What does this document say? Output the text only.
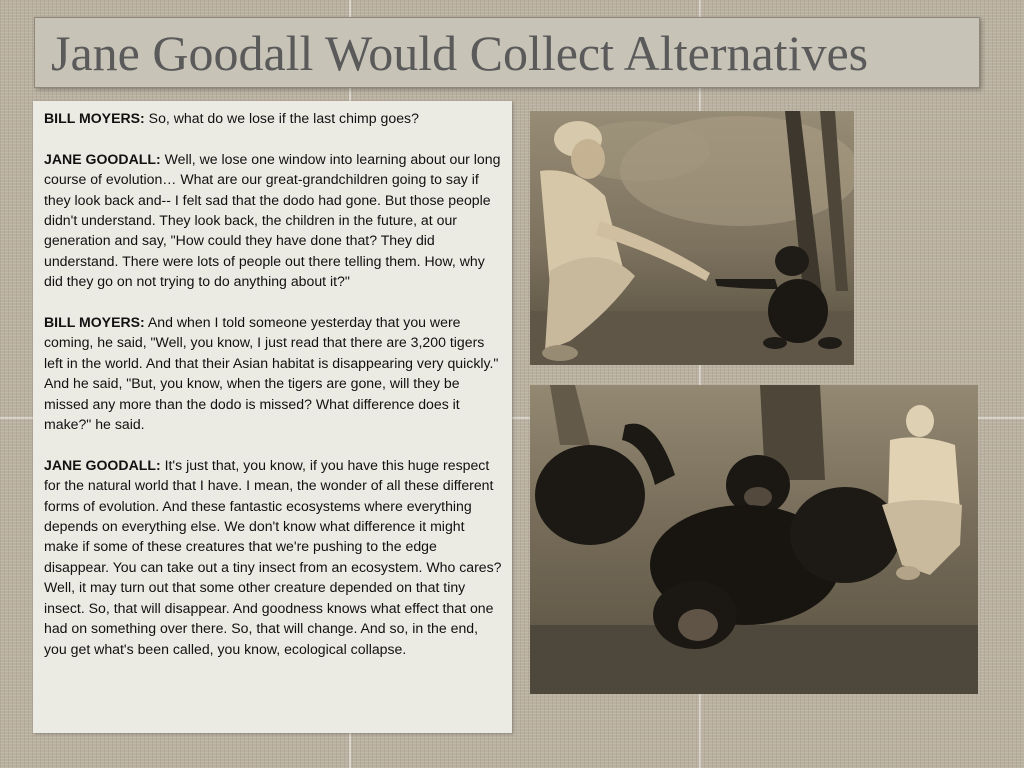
Jane Goodall Would Collect Alternatives

BILL MOYERS: So, what do we lose if the last chimp goes?

JANE GOODALL: Well, we lose one window into learning about our long course of evolution… What are our great-grandchildren going to say if they look back and-- I felt sad that the dodo had gone. But those people didn't understand. They look back, the children in the future, at our generation and say, "How could they have done that? They did understand. There were lots of people out there telling them. How, why did they go on not trying to do anything about it?"

BILL MOYERS: And when I told someone yesterday that you were coming, he said, "Well, you know, I just read that there are 3,200 tigers left in the world. And that their Asian habitat is disappearing very quickly." And he said, "But, you know, when the tigers are gone, will they be missed any more than the dodo is missed? What difference does it make?" he said.

JANE GOODALL: It's just that, you know, if you have this huge respect for the natural world that I have. I mean, the wonder of all these different forms of evolution. And these fantastic ecosystems where everything depends on everything else. We don't know what difference it might make if some of these creatures that we're pushing to the edge disappear. You can take out a tiny insect from an ecosystem. Who cares?

Well, it may turn out that some other creature depended on that tiny insect. So, that will disappear. And goodness knows what effect that one had on something over there. So, that will change. And so, in the end, you get what's been called, you know, ecological collapse.
